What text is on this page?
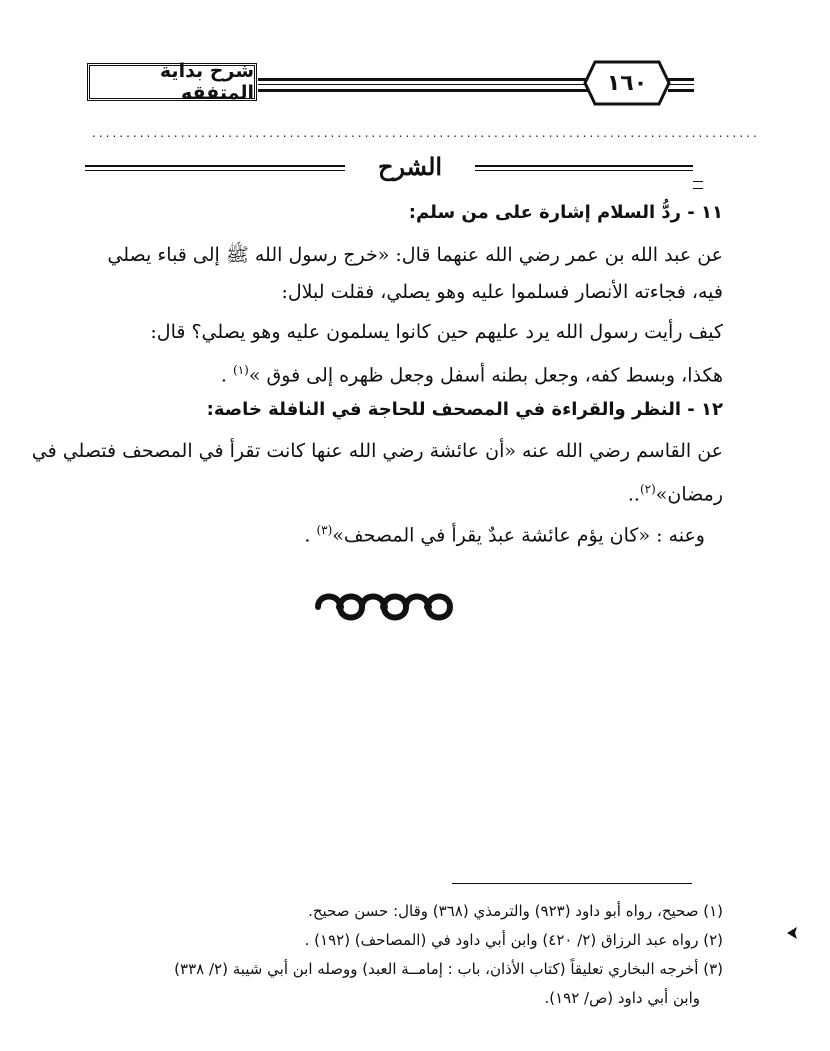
شرح بداية المتفقه	١٦٠
..................................................................................................
الشرح
١١ - ردُّ السلام إشارة على من سلم:
عن عبد الله بن عمر رضي الله عنهما قال: «خرج رسول الله ﷺ إلى قباء يصلي
فيه، فجاءته الأنصار فسلموا عليه وهو يصلي، فقلت لبلال:
كيف رأيت رسول الله يرد عليهم حين كانوا يسلمون عليه وهو يصلي؟ قال:
هكذا، وبسط كفه، وجعل بطنه أسفل وجعل ظهره إلى فوق »$^{(١)}$ .
١٢ - النظر والقراءة في المصحف للحاجة في النافلة خاصة:
عن القاسم رضي الله عنه «أن عائشة رضي الله عنها كانت تقرأ في المصحف فتصلي في
رمضان»$^{(٢)}$..
وعنه : «كان يؤم عائشة عبدٌ يقرأ في المصحف»$^{(٣)}$ .
(١) صحيح، رواه أبو داود (٩٢٣) والترمذي (٣٦٨) وقال: حسن صحيح.
(٢) رواه عبد الرزاق (٢/ ٤٢٠) وابن أبي داود في (المصاحف) (١٩٢) .
(٣) أخرجه البخاري تعليقاً (كتاب الأذان، باب : إمامــة العبد) ووصله ابن أبي شيبة (٢/ ٣٣٨)
وابن أبي داود (ص/ ١٩٢).
